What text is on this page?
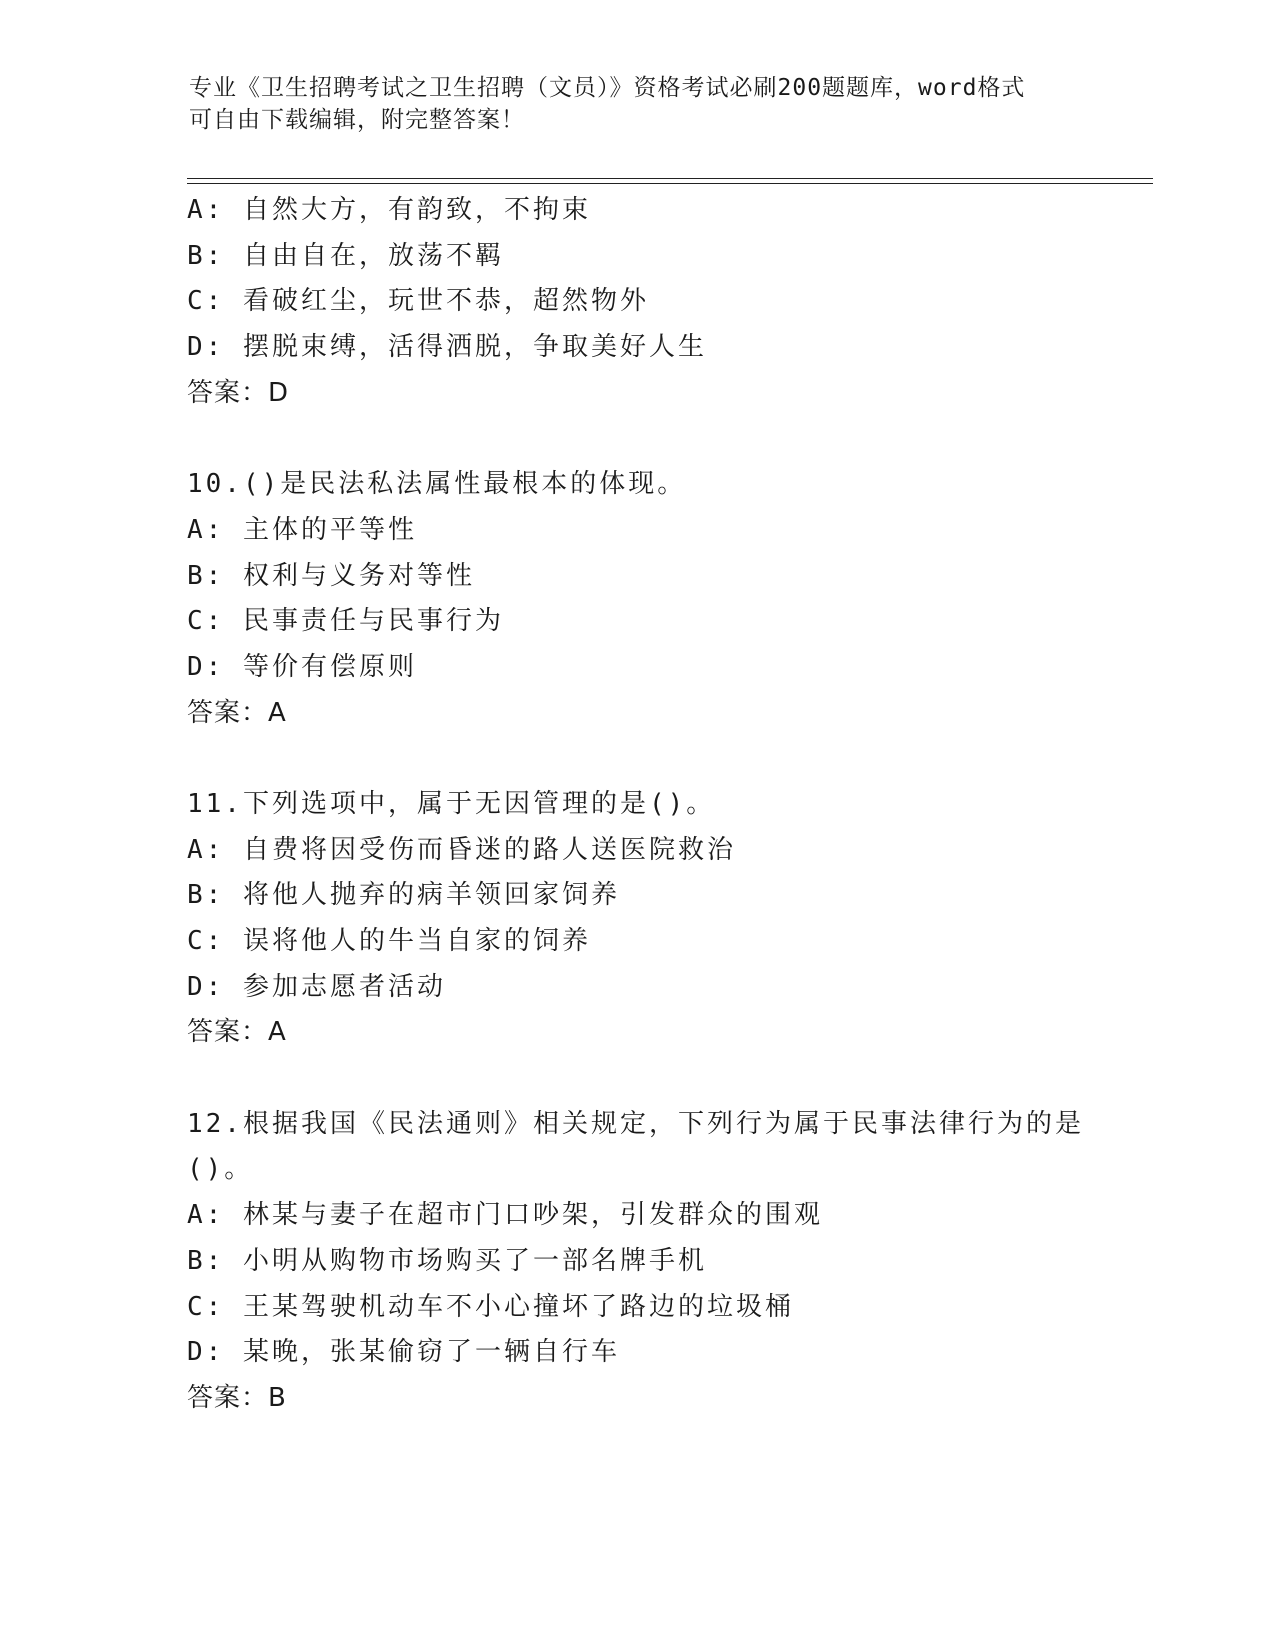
专业《卫生招聘考试之卫生招聘（文员）》资格考试必刷200题题库，word格式
可自由下载编辑，附完整答案！
A: 自然大方，有韵致，不拘束
B: 自由自在，放荡不羁
C: 看破红尘，玩世不恭，超然物外
D: 摆脱束缚，活得洒脱，争取美好人生
答案：D
10.()是民法私法属性最根本的体现。
A: 主体的平等性
B: 权利与义务对等性
C: 民事责任与民事行为
D: 等价有偿原则
答案：A
11.下列选项中，属于无因管理的是()。
A: 自费将因受伤而昏迷的路人送医院救治
B: 将他人抛弃的病羊领回家饲养
C: 误将他人的牛当自家的饲养
D: 参加志愿者活动
答案：A
12.根据我国《民法通则》相关规定，下列行为属于民事法律行为的是
()。
A: 林某与妻子在超市门口吵架，引发群众的围观
B: 小明从购物市场购买了一部名牌手机
C: 王某驾驶机动车不小心撞坏了路边的垃圾桶
D: 某晚，张某偷窃了一辆自行车
答案：B
